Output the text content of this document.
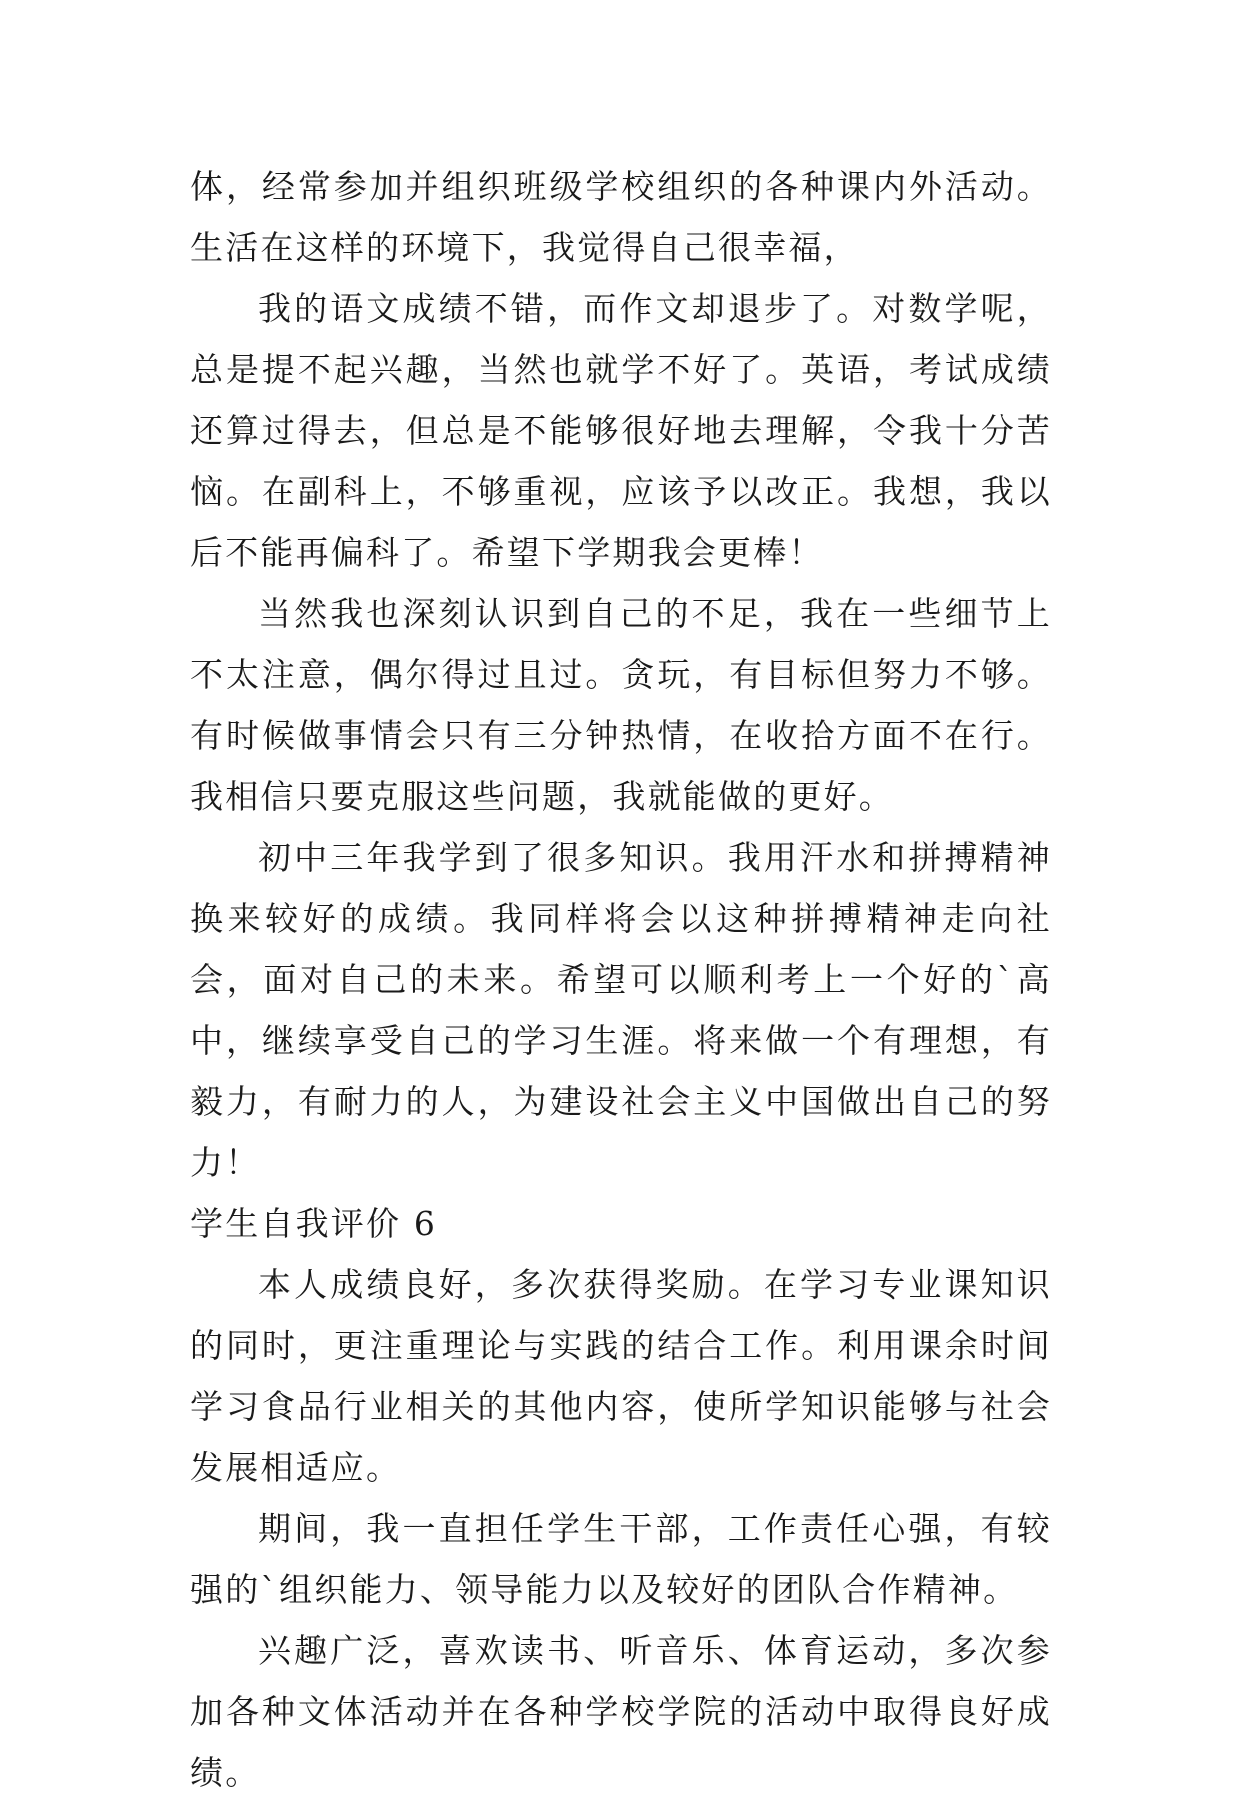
体，经常参加并组织班级学校组织的各种课内外活动。生活在这样的环境下，我觉得自己很幸福，

我的语文成绩不错，而作文却退步了。对数学呢，总是提不起兴趣，当然也就学不好了。英语，考试成绩还算过得去，但总是不能够很好地去理解，令我十分苦恼。在副科上，不够重视，应该予以改正。我想，我以后不能再偏科了。希望下学期我会更棒！

当然我也深刻认识到自己的不足，我在一些细节上不太注意，偶尔得过且过。贪玩，有目标但努力不够。有时候做事情会只有三分钟热情，在收拾方面不在行。我相信只要克服这些问题，我就能做的更好。

初中三年我学到了很多知识。我用汗水和拼搏精神换来较好的成绩。我同样将会以这种拼搏精神走向社会，面对自己的未来。希望可以顺利考上一个好的`高中，继续享受自己的学习生涯。将来做一个有理想，有毅力，有耐力的人，为建设社会主义中国做出自己的努力！

学生自我评价 6

本人成绩良好，多次获得奖励。在学习专业课知识的同时，更注重理论与实践的结合工作。利用课余时间学习食品行业相关的其他内容，使所学知识能够与社会发展相适应。

期间，我一直担任学生干部，工作责任心强，有较强的`组织能力、领导能力以及较好的团队合作精神。

兴趣广泛，喜欢读书、听音乐、体育运动，多次参加各种文体活动并在各种学校学院的活动中取得良好成绩。
